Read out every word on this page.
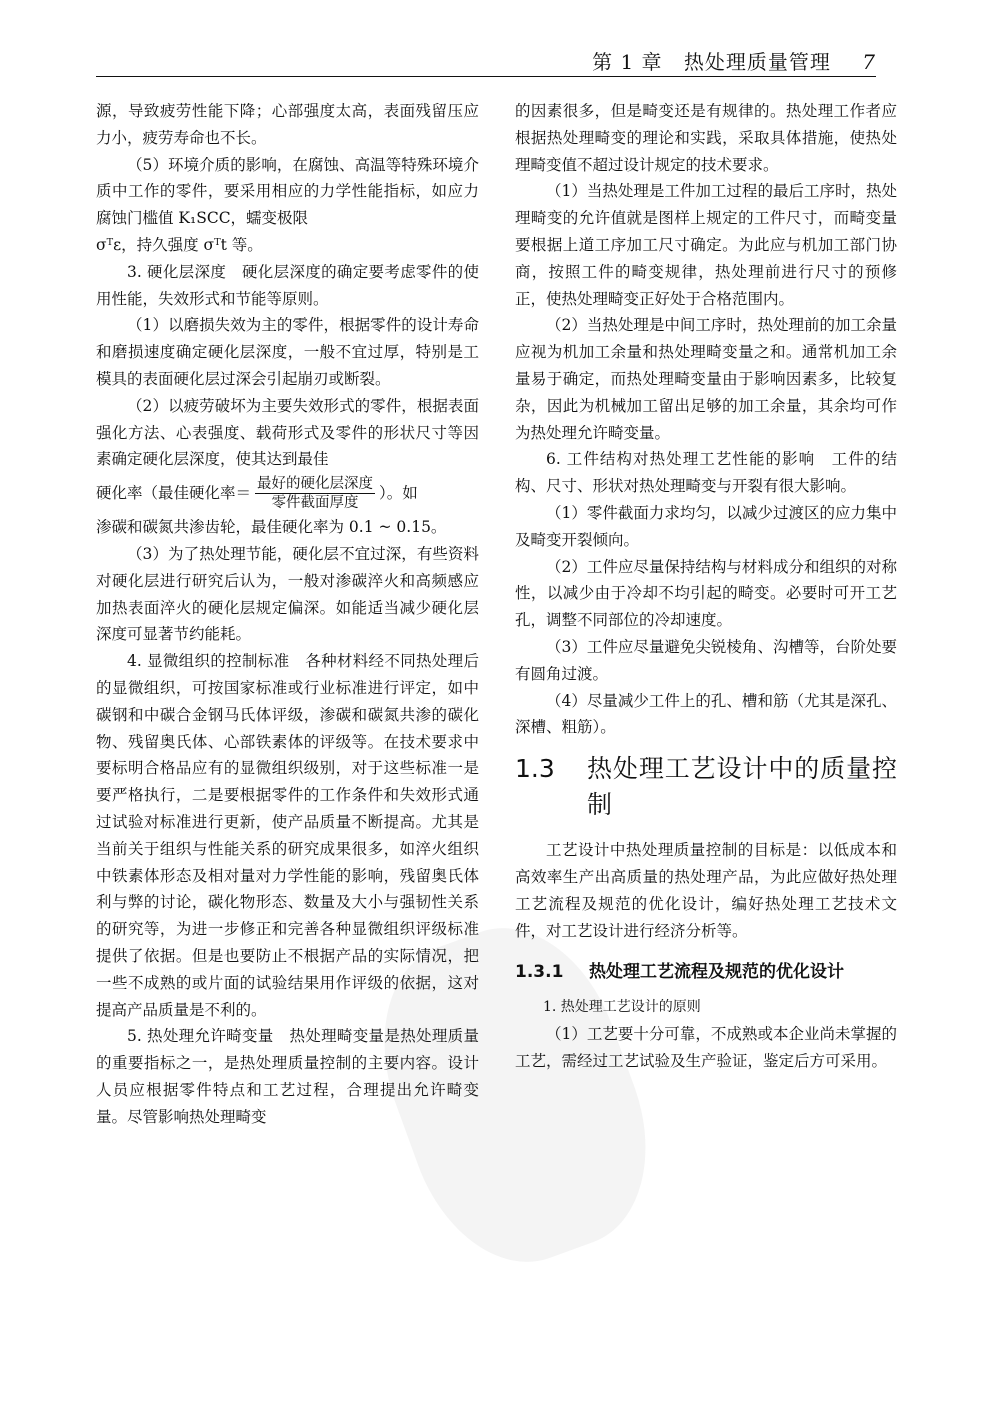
第 1 章 热处理质量管理 7

源，导致疲劳性能下降；心部强度太高，表面残留压应力小，疲劳寿命也不长。

（5）环境介质的影响，在腐蚀、高温等特殊环境介质中工作的零件，要采用相应的力学性能指标，如应力腐蚀门槛值 K₁SCC，蠕变极限

σᵀε，持久强度 σᵀt 等。

3. 硬化层深度　硬化层深度的确定要考虑零件的使用性能，失效形式和节能等原则。

（1）以磨损失效为主的零件，根据零件的设计寿命和磨损速度确定硬化层深度，一般不宜过厚，特别是工模具的表面硬化层过深会引起崩刃或断裂。

（2）以疲劳破坏为主要失效形式的零件，根据表面强化方法、心表强度、载荷形式及零件的形状尺寸等因素确定硬化层深度，使其达到最佳

硬化率（最佳硬化率＝ $\frac{\text{最好的硬化层深度}}{\text{零件截面厚度}}$ ）。如

渗碳和碳氮共渗齿轮，最佳硬化率为 0.1 ~ 0.15。

（3）为了热处理节能，硬化层不宜过深，有些资料对硬化层进行研究后认为，一般对渗碳淬火和高频感应加热表面淬火的硬化层规定偏深。如能适当减少硬化层深度可显著节约能耗。

4. 显微组织的控制标准　各种材料经不同热处理后的显微组织，可按国家标准或行业标准进行评定，如中碳钢和中碳合金钢马氏体评级，渗碳和碳氮共渗的碳化物、残留奥氏体、心部铁素体的评级等。在技术要求中要标明合格品应有的显微组织级别，对于这些标准一是要严格执行，二是要根据零件的工作条件和失效形式通过试验对标准进行更新，使产品质量不断提高。尤其是当前关于组织与性能关系的研究成果很多，如淬火组织中铁素体形态及相对量对力学性能的影响，残留奥氏体利与弊的讨论，碳化物形态、数量及大小与强韧性关系的研究等，为进一步修正和完善各种显微组织评级标准提供了依据。但是也要防止不根据产品的实际情况，把一些不成熟的或片面的试验结果用作评级的依据，这对提高产品质量是不利的。

5. 热处理允许畸变量　热处理畸变量是热处理质量的重要指标之一，是热处理质量控制的主要内容。设计人员应根据零件特点和工艺过程，合理提出允许畸变量。尽管影响热处理畸变

的因素很多，但是畸变还是有规律的。热处理工作者应根据热处理畸变的理论和实践，采取具体措施，使热处理畸变值不超过设计规定的技术要求。

（1）当热处理是工件加工过程的最后工序时，热处理畸变的允许值就是图样上规定的工件尺寸，而畸变量要根据上道工序加工尺寸确定。为此应与机加工部门协商，按照工件的畸变规律，热处理前进行尺寸的预修正，使热处理畸变正好处于合格范围内。

（2）当热处理是中间工序时，热处理前的加工余量应视为机加工余量和热处理畸变量之和。通常机加工余量易于确定，而热处理畸变量由于影响因素多，比较复杂，因此为机械加工留出足够的加工余量，其余均可作为热处理允许畸变量。

6. 工件结构对热处理工艺性能的影响　工件的结构、尺寸、形状对热处理畸变与开裂有很大影响。

（1）零件截面力求均匀，以减少过渡区的应力集中及畸变开裂倾向。

（2）工件应尽量保持结构与材料成分和组织的对称性，以减少由于冷却不均引起的畸变。必要时可开工艺孔，调整不同部位的冷却速度。

（3）工件应尽量避免尖锐棱角、沟槽等，台阶处要有圆角过渡。

（4）尽量减少工件上的孔、槽和筋（尤其是深孔、深槽、粗筋）。

1.3	热处理工艺设计中的质量控制

工艺设计中热处理质量控制的目标是：以低成本和高效率生产出高质量的热处理产品，为此应做好热处理工艺流程及规范的优化设计，编好热处理工艺技术文件，对工艺设计进行经济分析等。

1.3.1	热处理工艺流程及规范的优化设计

1. 热处理工艺设计的原则

（1）工艺要十分可靠，不成熟或本企业尚未掌握的工艺，需经过工艺试验及生产验证，鉴定后方可采用。
